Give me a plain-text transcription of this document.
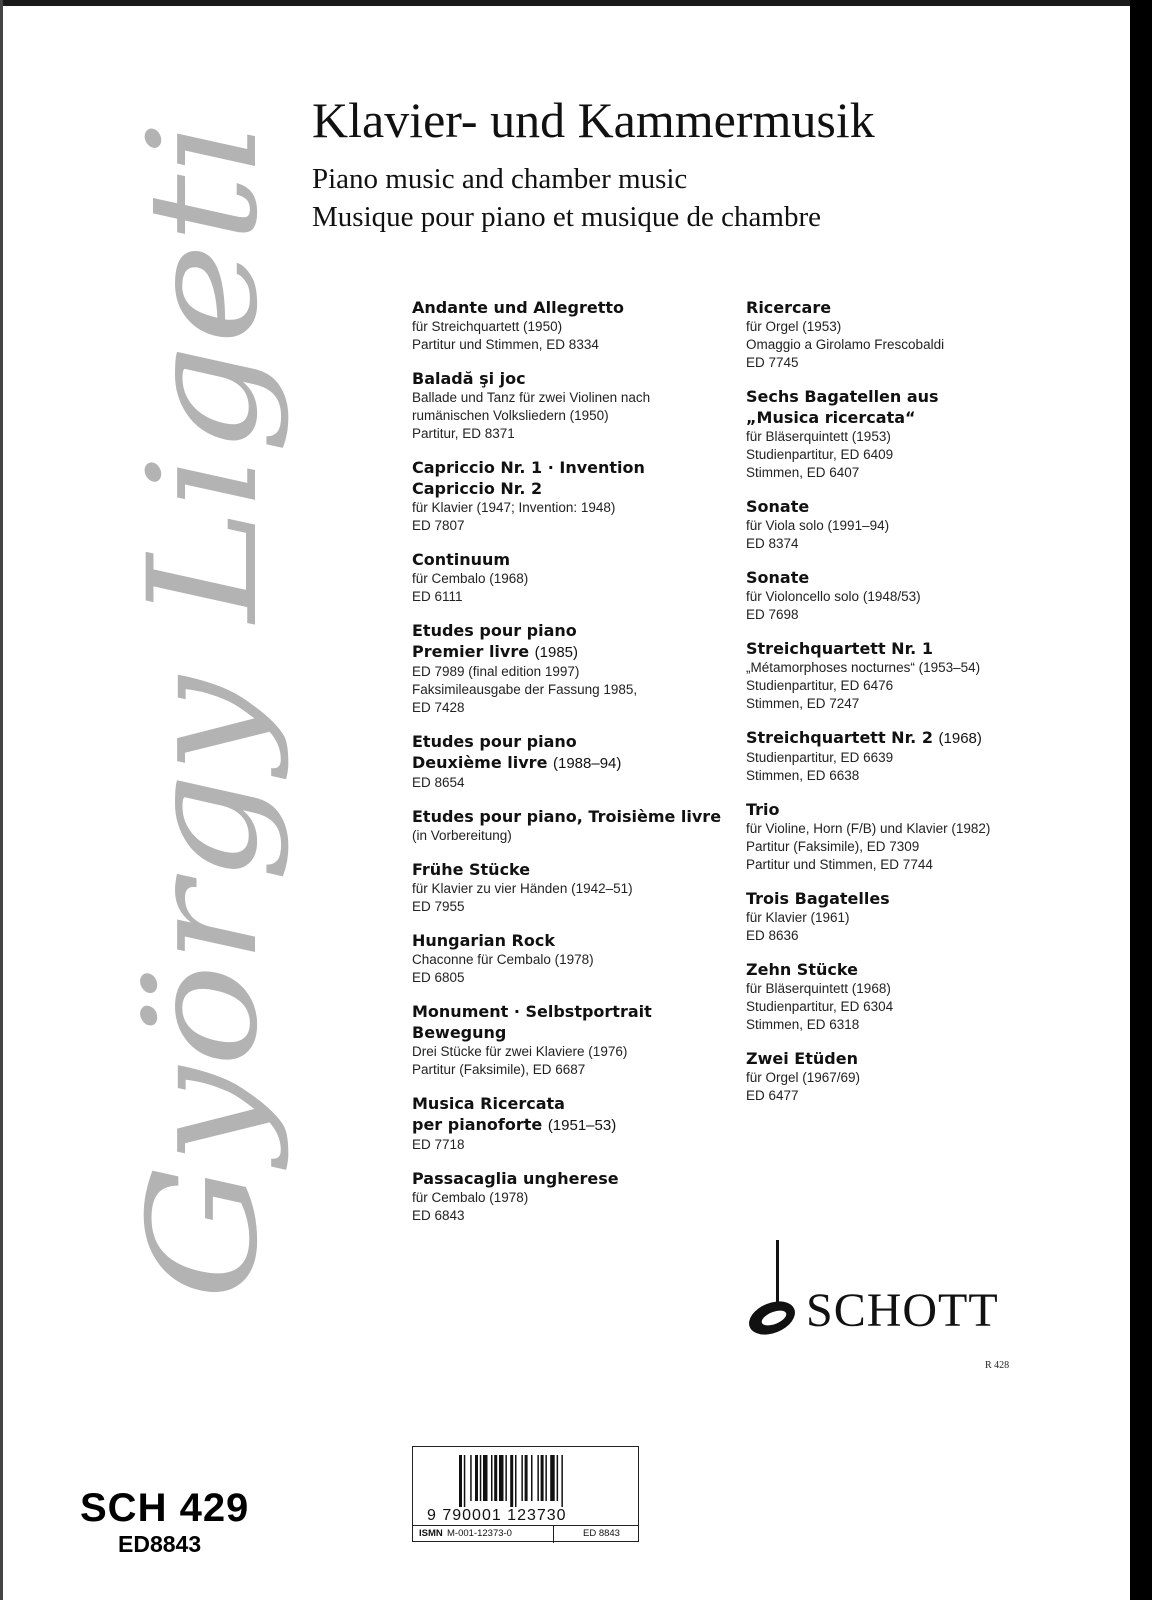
György Ligeti
Klavier- und Kammermusik
Piano music and chamber music
Musique pour piano et musique de chambre
Andante und Allegretto
für Streichquartett (1950)
Partitur und Stimmen, ED 8334
Baladă şi joc
Ballade und Tanz für zwei Violinen nach
rumänischen Volksliedern (1950)
Partitur, ED 8371
Capriccio Nr. 1 · Invention
Capriccio Nr. 2
für Klavier (1947; Invention: 1948)
ED 7807
Continuum
für Cembalo (1968)
ED 6111
Etudes pour piano
Premier livre (1985)
ED 7989 (final edition 1997)
Faksimileausgabe der Fassung 1985,
ED 7428
Etudes pour piano
Deuxième livre (1988–94)
ED 8654
Etudes pour piano, Troisième livre
(in Vorbereitung)
Frühe Stücke
für Klavier zu vier Händen (1942–51)
ED 7955
Hungarian Rock
Chaconne für Cembalo (1978)
ED 6805
Monument · Selbstportrait
Bewegung
Drei Stücke für zwei Klaviere (1976)
Partitur (Faksimile), ED 6687
Musica Ricercata
per pianoforte (1951–53)
ED 7718
Passacaglia ungherese
für Cembalo (1978)
ED 6843
Ricercare
für Orgel (1953)
Omaggio a Girolamo Frescobaldi
ED 7745
Sechs Bagatellen aus
„Musica ricercata“
für Bläserquintett (1953)
Studienpartitur, ED 6409
Stimmen, ED 6407
Sonate
für Viola solo (1991–94)
ED 8374
Sonate
für Violoncello solo (1948/53)
ED 7698
Streichquartett Nr. 1
„Métamorphoses nocturnes“ (1953–54)
Studienpartitur, ED 6476
Stimmen, ED 7247
Streichquartett Nr. 2 (1968)
Studienpartitur, ED 6639
Stimmen, ED 6638
Trio
für Violine, Horn (F/B) und Klavier (1982)
Partitur (Faksimile), ED 7309
Partitur und Stimmen, ED 7744
Trois Bagatelles
für Klavier (1961)
ED 8636
Zehn Stücke
für Bläserquintett (1968)
Studienpartitur, ED 6304
Stimmen, ED 6318
Zwei Etüden
für Orgel (1967/69)
ED 6477
SCHOTT
R 428
SCH 429
ED8843
9 790001 123730
ISMN M-001-12373-0	ED 8843
